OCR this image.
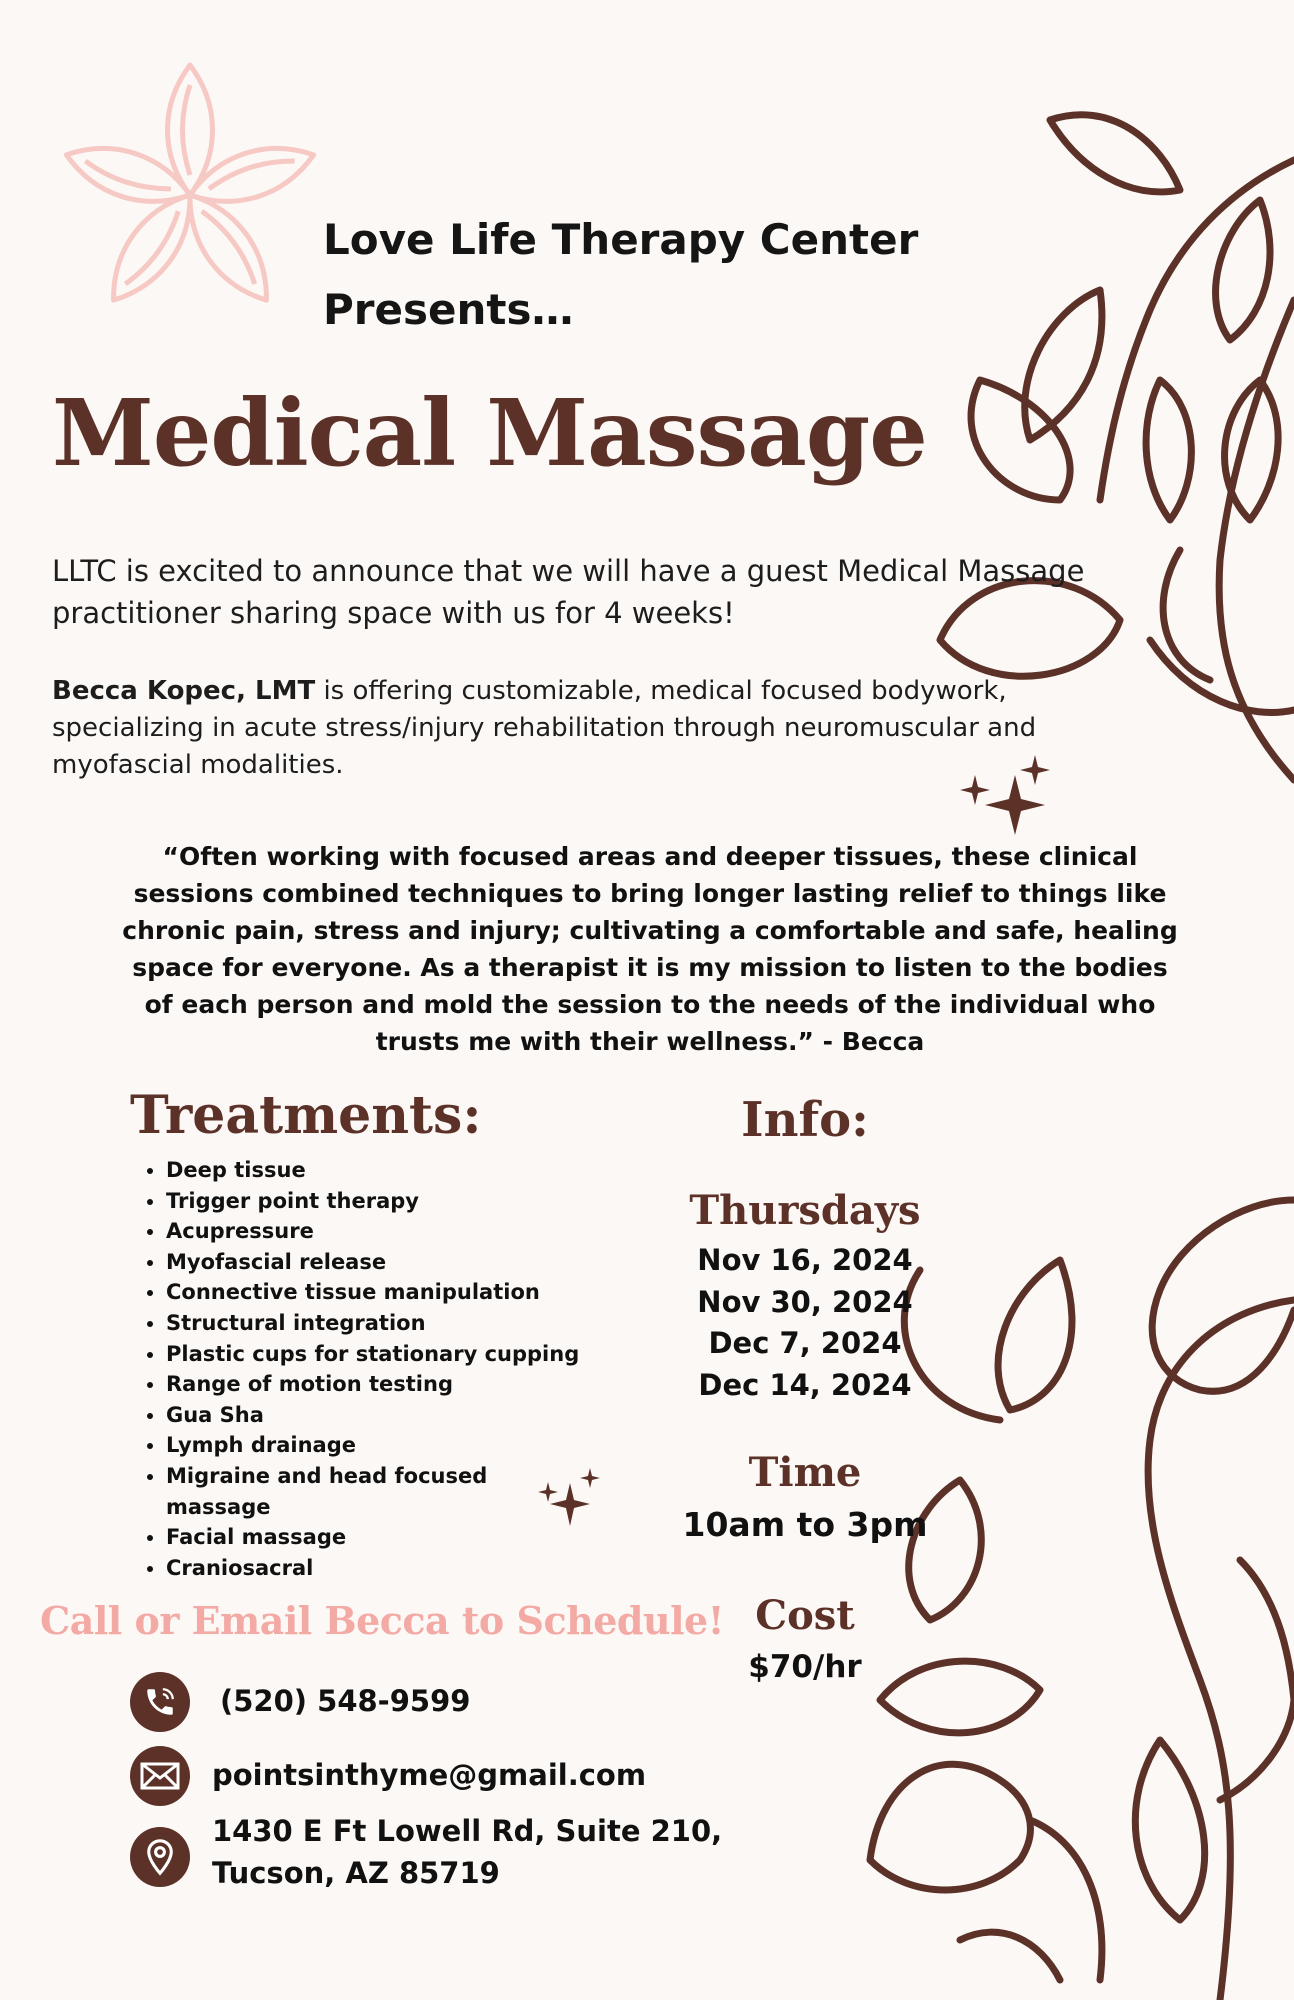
Love Life Therapy Center
Presents…
Medical Massage
LLTC is excited to announce that we will have a guest Medical Massage practitioner sharing space with us for 4 weeks!
Becca Kopec, LMT is offering customizable, medical focused bodywork, specializing in acute stress/injury rehabilitation through neuromuscular and myofascial modalities.
“Often working with focused areas and deeper tissues, these clinical sessions combined techniques to bring longer lasting relief to things like chronic pain, stress and injury; cultivating a comfortable and safe, healing space for everyone. As a therapist it is my mission to listen to the bodies of each person and mold the session to the needs of the individual who trusts me with their wellness.” - Becca
Treatments:
• Deep tissue
• Trigger point therapy
• Acupressure
• Myofascial release
• Connective tissue manipulation
• Structural integration
• Plastic cups for stationary cupping
• Range of motion testing
• Gua Sha
• Lymph drainage
• Migraine and head focused massage
• Facial massage
• Craniosacral
Call or Email Becca to Schedule!
Info:
Thursdays
Nov 16, 2024
Nov 30, 2024
Dec 7, 2024
Dec 14, 2024
Time
10am to 3pm
Cost
$70/hr
(520) 548-9599
pointsinthyme@gmail.com
1430 E Ft Lowell Rd, Suite 210,
Tucson, AZ 85719
